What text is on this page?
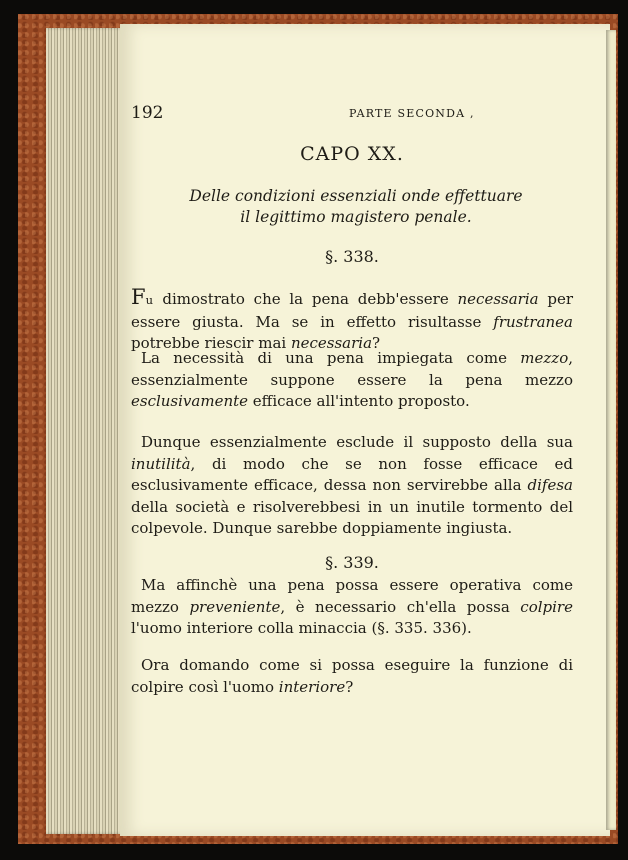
192	PARTE SECONDA ,
CAPO XX.
Delle condizioni essenziali onde effettuare
il legittimo magistero penale.
§. 338.

Fu dimostrato che la pena debb'essere necessaria per essere giusta. Ma se in effetto risultasse frustranea potrebbe riescir mai necessaria?

La necessità di una pena impiegata come mezzo, essenzialmente suppone essere la pena mezzo esclusivamente efficace all'intento proposto.

Dunque essenzialmente esclude il supposto della sua inutilità, di modo che se non fosse efficace ed esclusivamente efficace, dessa non servirebbe alla difesa della società e risolverebbesi in un inutile tormento del colpevole. Dunque sarebbe doppiamente ingiusta.

§. 339.

Ma affinchè una pena possa essere operativa come mezzo preveniente, è necessario ch'ella possa colpire l'uomo interiore colla minaccia (§. 335. 336).

Ora domando come si possa eseguire la funzione di colpire così l'uomo interiore?
